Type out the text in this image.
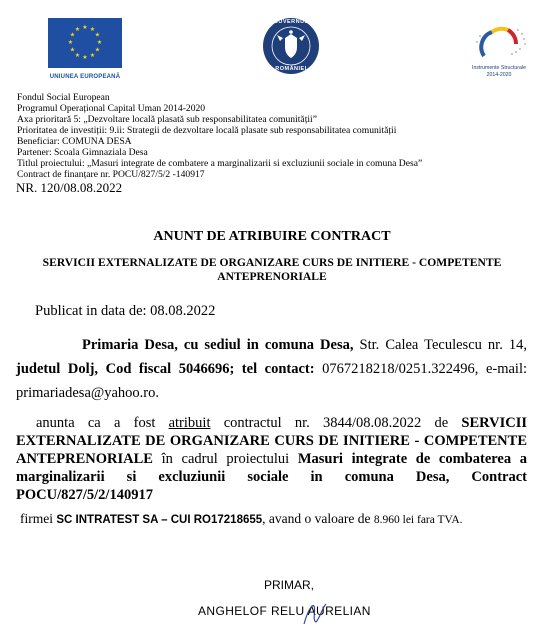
★ ★
★
★
★
★
★
★
★
★
★
★
UNIUNEA EUROPEANĂ
GUVERNUL
ROMÂNIEI	Instrumente Structurale
2014-2020
Fondul Social European
Programul Operațional Capital Uman 2014-2020
Axa prioritară 5: „Dezvoltare locală plasată sub responsabilitatea comunității”
Prioritatea de investiții: 9.ii: Strategii de dezvoltare locală plasate sub responsabilitatea comunității
Beneficiar: COMUNA DESA
Partener: Scoala Gimnaziala Desa
Titlul proiectului: „Masuri integrate de combatere a marginalizarii si excluziunii sociale in comuna Desa”
Contract de finanțare nr. POCU/827/5/2 -140917
NR. 120/08.08.2022
ANUNT DE ATRIBUIRE CONTRACT
SERVICII EXTERNALIZATE DE ORGANIZARE CURS DE INITIERE - COMPETENTE
ANTEPRENORIALE
Publicat in data de: 08.08.2022
Primaria Desa, cu sediul in comuna Desa, Str. Calea Teculescu nr. 14,
judetul Dolj, Cod fiscal 5046696; tel contact: 0767218218/0251.322496, e-mail:
primariadesa@yahoo.ro.
anunta ca a fost atribuit contractul nr. 3844/08.08.2022 de SERVICII
EXTERNALIZATE DE ORGANIZARE CURS DE INITIERE - COMPETENTE
ANTEPRENORIALE în cadrul proiectului Masuri integrate de combaterea a
marginalizarii si excluziunii sociale in comuna Desa, Contract
POCU/827/5/2/140917
firmei SC INTRATEST SA – CUI RO17218655, avand o valoare de 8.960 lei fara TVA.
PRIMAR,
ANGHELOF RELU AURELIAN
